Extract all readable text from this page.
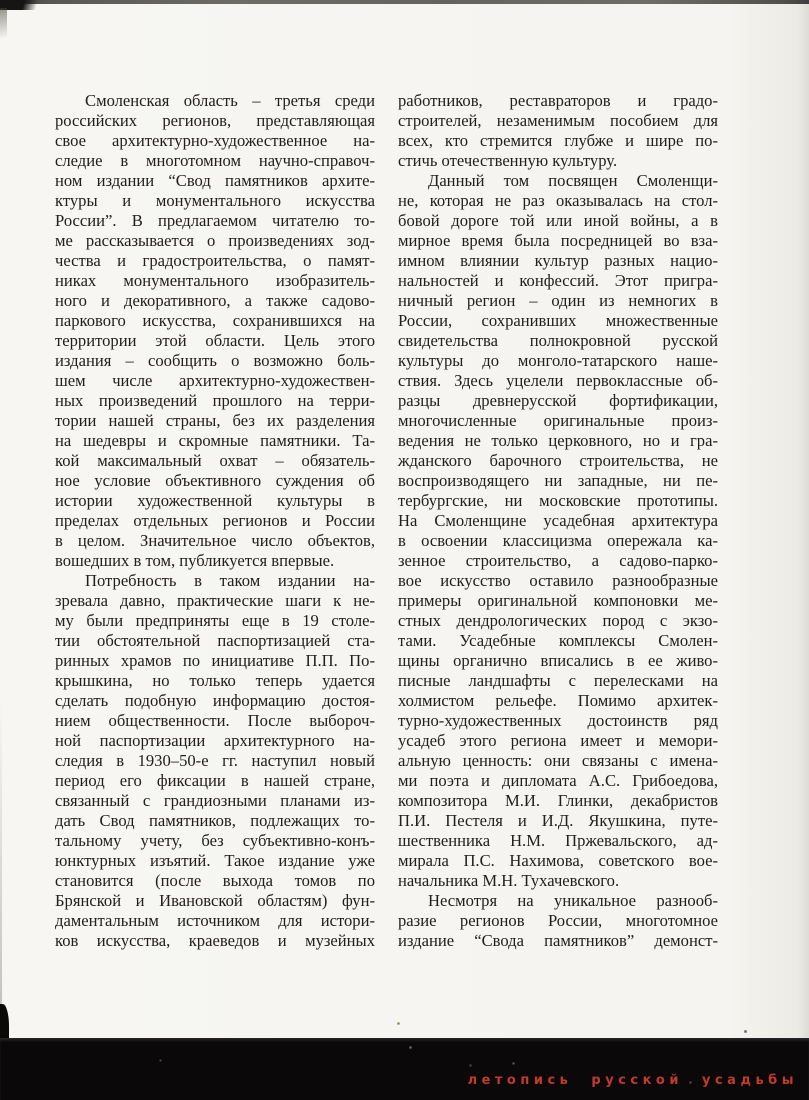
Смоленская область – третья среди
российских регионов, представляющая
свое архитектурно-художественное на-
следие в многотомном научно-справоч-
ном издании “Свод памятников архите-
ктуры и монументального искусства
России”. В предлагаемом читателю то-
ме рассказывается о произведениях зод-
чества и градостроительства, о памят-
никах монументального изобразитель-
ного и декоративного, а также садово-
паркового искусства, сохранившихся на
территории этой области. Цель этого
издания – сообщить о возможно боль-
шем числе архитектурно-художествен-
ных произведений прошлого на терри-
тории нашей страны, без их разделения
на шедевры и скромные памятники. Та-
кой максимальный охват – обязатель-
ное условие объективного суждения об
истории художественной культуры в
пределах отдельных регионов и России
в целом. Значительное число объектов,
вошедших в том, публикуется впервые.
Потребность в таком издании на-
зревала давно, практические шаги к не-
му были предприняты еще в 19 столе-
тии обстоятельной паспортизацией ста-
ринных храмов по инициативе П.П. По-
крышкина, но только теперь удается
сделать подобную информацию достоя-
нием общественности. После выбороч-
ной паспортизации архитектурного на-
следия в 1930–50-е гг. наступил новый
период его фиксации в нашей стране,
связанный с грандиозными планами из-
дать Свод памятников, подлежащих то-
тальному учету, без субъективно-конъ-
юнктурных изъятий. Такое издание уже
становится (после выхода томов по
Брянской и Ивановской областям) фун-
даментальным источником для истори-
ков искусства, краеведов и музейных
работников, реставраторов и градо-
строителей, незаменимым пособием для
всех, кто стремится глубже и шире по-
стичь отечественную культуру.
Данный том посвящен Смоленщи-
не, которая не раз оказывалась на стол-
бовой дороге той или иной войны, а в
мирное время была посредницей во вза-
имном влиянии культур разных нацио-
нальностей и конфессий. Этот пригра-
ничный регион – один из немногих в
России, сохранивших множественные
свидетельства полнокровной русской
культуры до монголо-татарского наше-
ствия. Здесь уцелели первоклассные об-
разцы древнерусской фортификации,
многочисленные оригинальные произ-
ведения не только церковного, но и гра-
жданского барочного строительства, не
воспроизводящего ни западные, ни пе-
тербургские, ни московские прототипы.
На Смоленщине усадебная архитектура
в освоении классицизма опережала ка-
зенное строительство, а садово-парко-
вое искусство оставило разнообразные
примеры оригинальной компоновки ме-
стных дендрологических пород с экзо-
тами. Усадебные комплексы Смолен-
щины органично вписались в ее живо-
писные ландшафты с перелесками на
холмистом рельефе. Помимо архитек-
турно-художественных достоинств ряд
усадеб этого региона имеет и мемори-
альную ценность: они связаны с имена-
ми поэта и дипломата А.С. Грибоедова,
композитора М.И. Глинки, декабристов
П.И. Пестеля и И.Д. Якушкина, путе-
шественника Н.М. Пржевальского, ад-
мирала П.С. Нахимова, советского вое-
начальника М.Н. Тухачевского.
Несмотря на уникальное разнооб-
разие регионов России, многотомное
издание “Свода памятников” демонст-
летопись русской усадьбы
